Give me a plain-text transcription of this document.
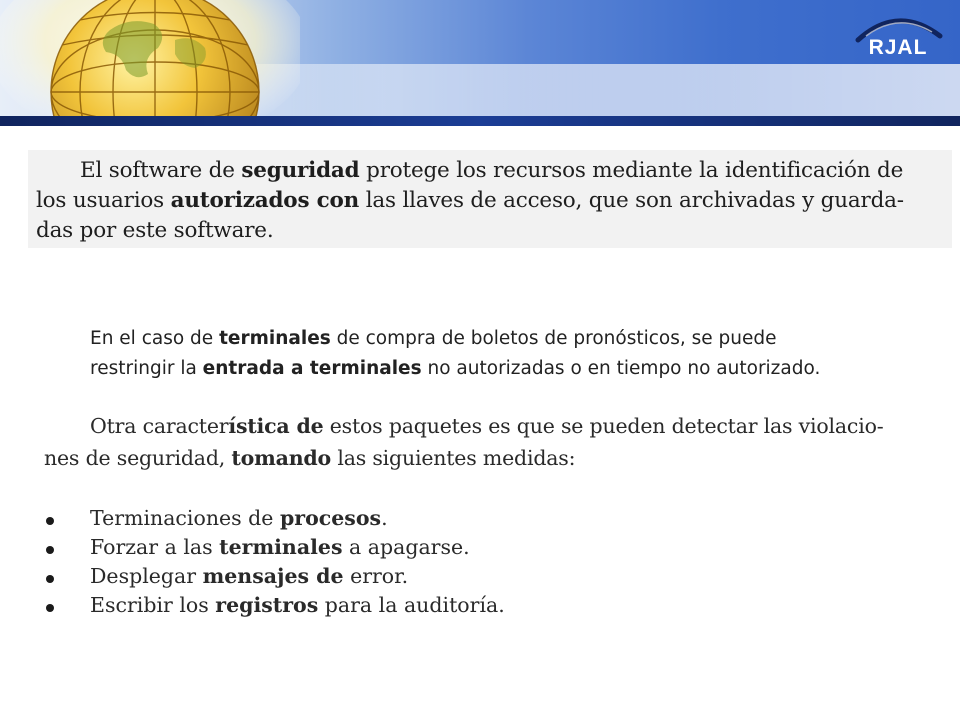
RJAL
El software de seguridad protege los recursos mediante la identificación de
los usuarios autorizados con las llaves de acceso, que son archivadas y guarda-
das por este software.
En el caso de terminales de compra de boletos de pronósticos, se puede
restringir la entrada a terminales no autorizadas o en tiempo no autorizado.
Otra característica de estos paquetes es que se pueden detectar las violacio-
nes de seguridad, tomando las siguientes medidas:
Terminaciones de procesos.
Forzar a las terminales a apagarse.
Desplegar mensajes de error.
Escribir los registros para la auditoría.
